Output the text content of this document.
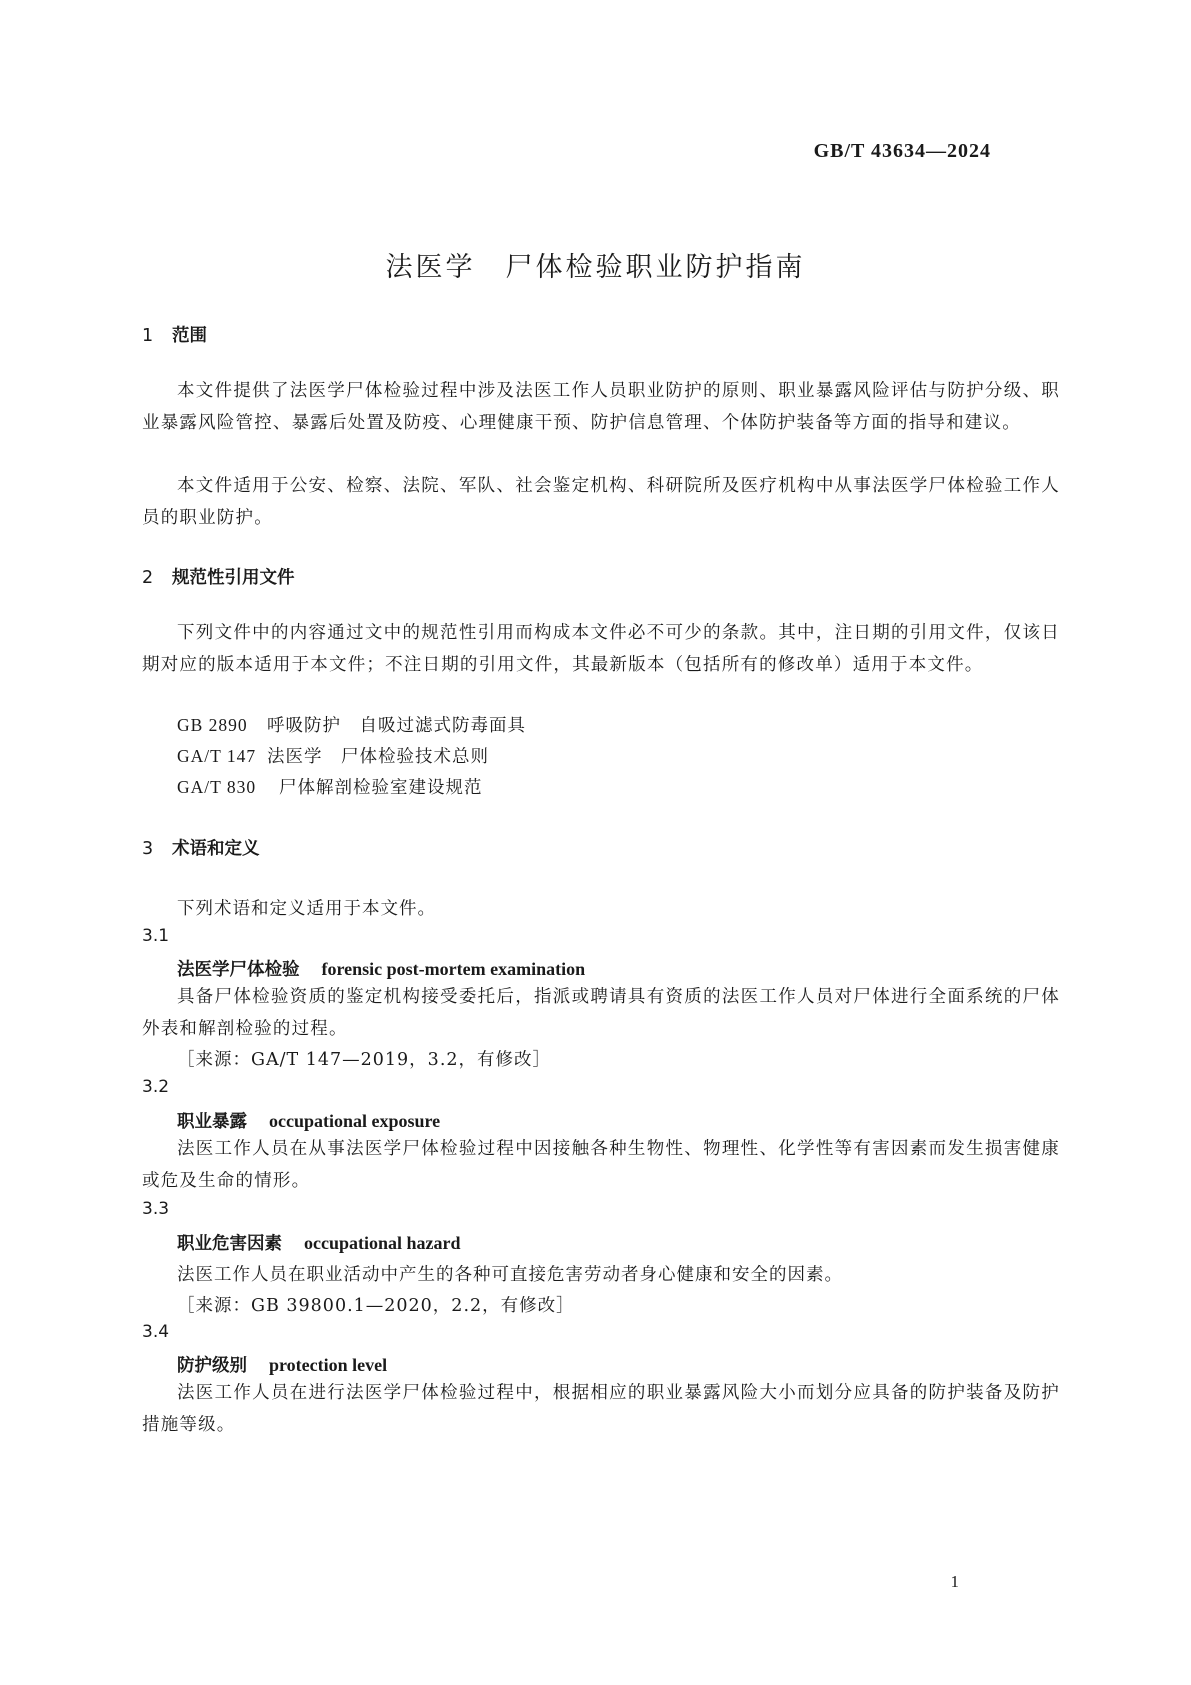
GB/T 43634—2024
法医学 尸体检验职业防护指南
1 范围
本文件提供了法医学尸体检验过程中涉及法医工作人员职业防护的原则、职业暴露风险评估与防护分级、职业暴露风险管控、暴露后处置及防疫、心理健康干预、防护信息管理、个体防护装备等方面的指导和建议。
本文件适用于公安、检察、法院、军队、社会鉴定机构、科研院所及医疗机构中从事法医学尸体检验工作人员的职业防护。
2 规范性引用文件
下列文件中的内容通过文中的规范性引用而构成本文件必不可少的条款。其中，注日期的引用文件，仅该日期对应的版本适用于本文件；不注日期的引用文件，其最新版本（包括所有的修改单）适用于本文件。
GB 2890 呼吸防护　自吸过滤式防毒面具
GA/T 147 法医学　尸体检验技术总则
GA/T 830 尸体解剖检验室建设规范
3 术语和定义
下列术语和定义适用于本文件。
3.1
法医学尸体检验 forensic post-mortem examination
具备尸体检验资质的鉴定机构接受委托后，指派或聘请具有资质的法医工作人员对尸体进行全面系统的尸体外表和解剖检验的过程。
［来源：GA/T 147—2019，3.2，有修改］
3.2
职业暴露 occupational exposure
法医工作人员在从事法医学尸体检验过程中因接触各种生物性、物理性、化学性等有害因素而发生损害健康或危及生命的情形。
3.3
职业危害因素 occupational hazard
法医工作人员在职业活动中产生的各种可直接危害劳动者身心健康和安全的因素。
［来源：GB 39800.1—2020，2.2，有修改］
3.4
防护级别 protection level
法医工作人员在进行法医学尸体检验过程中，根据相应的职业暴露风险大小而划分应具备的防护装备及防护措施等级。
1
